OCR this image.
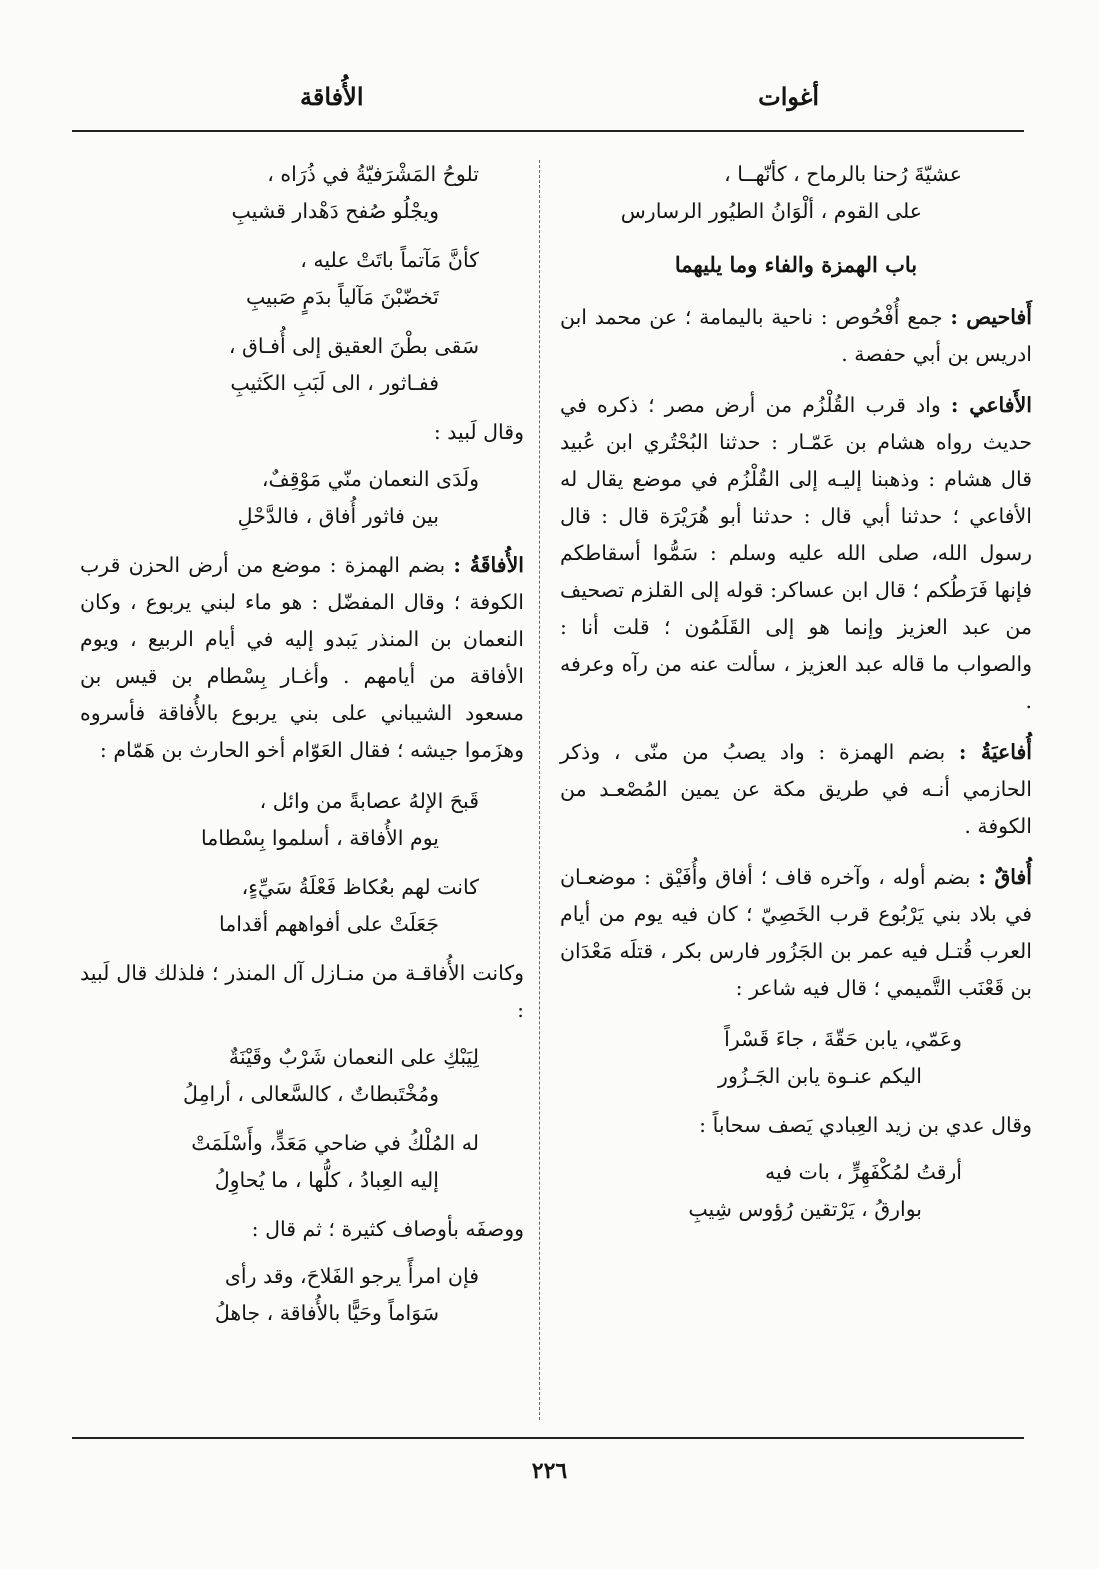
أغوات
الأُفاقة
عشيّةَ رُحنا بالرماح ، كأنّهــا ،
على القوم ، ألْوَانُ الطيُور الرسارس
باب الهمزة والفاء وما يليهما

أَفاحيص : جمع أُفْحُوص : ناحية باليمامة ؛ عن محمد ابن ادريس بن أبي حفصة .

الأَفاعي : واد قرب القُلْزُم من أرض مصر ؛ ذكره في حديث رواه هشام بن عَمّـار : حدثنا البُحْتُري ابن عُبيد قال هشام : وذهبنا إليـه إلى القُلْزُم في موضع يقال له الأفاعي ؛ حدثنا أبي قال : حدثنا أبو هُرَيْرَة قال : قال رسول الله، صلى الله عليه وسلم : سَمُّوا أسقاطكم فإنها فَرَطُكم ؛ قال ابن عساكر: قوله إلى القلزم تصحيف من عبد العزيز وإنما هو إلى القَلَمُون ؛ قلت أنا : والصواب ما قاله عبد العزيز ، سألت عنه من رآه وعرفه .

أُفاعيَةُ : بضم الهمزة : واد يصبُ من منّى ، وذكر الحازمي أنـه في طريق مكة عن يمين المُصْعـد من الكوفة .

أُفاقٌ : بضم أوله ، وآخره قاف ؛ أفاق وأُفَيْق : موضعـان في بلاد بني يَرْبُوع قرب الخَصِيّ ؛ كان فيه يوم من أيام العرب قُتـل فيه عمر بن الجَزُور فارس بكر ، قتلَه مَعْدَان بن قَعْنَب التَّميمي ؛ قال فيه شاعر :

وعَمّي، يابن حَقّةَ ، جاءَ قَسْراً
اليكم عنـوة يابن الجَـزُور

وقال عدي بن زيد العِبادي يَصف سحاباً :

أرقتُ لمُكْفَهِرٍّ ، بات فيه
بوارقُ ، يَرْتقين رُؤوس شِيبِ
تلوحُ المَشْرَفيّةُ في ذُرَاه ،
ويجْلُو صُفح دَهْدار قشيبِ
كأنَّ مَآتماً باتَتْ عليه ،
تَخضّبْنَ مَآلياً بدَمٍ صَبيبِ
سَقى بطْنَ العقيق إلى أُفـاق ،
ففـاثور ، الى لَبَبِ الكَثيبِ

وقال لَبيد :

ولَدَى النعمان منّي مَوْقِفٌ،
بين فاثور أُفاق ، فالدَّحْلِ

الأُفاقَةُ : بضم الهمزة : موضع من أرض الحزن قرب الكوفة ؛ وقال المفضّل : هو ماء لبني يربوع ، وكان النعمان بن المنذر يَبدو إليه في أيام الربيع ، ويوم الأفاقة من أيامهم . وأغـار بِسْطام بن قيس بن مسعود الشيباني على بني يربوع بالأُفاقة فأسروه وهزَموا جيشه ؛ فقال العَوّام أخو الحارث بن هَمّام :

قَبحَ الإلهُ عصابةً من وائل ،
يوم الأُفاقة ، أسلموا بِسْطاما
كانت لهم بعُكاظ فَعْلَةُ سَيِّءٍ،
جَعَلَتْ على أفواههم أقداما

وكانت الأُفاقـة من منـازل آل المنذر ؛ فلذلك قال لَبيد :

لِيَبْكِ على النعمان شَرْبٌ وقَيْنَةٌ
ومُخْتَبطاتٌ ، كالسَّعالى ، أرامِلُ
له المُلْكُ في ضاحي مَعَدٍّ، وأَسْلَمَتْ
إليه العِبادُ ، كلُّها ، ما يُحاوِلُ

ووصفَه بأوصاف كثيرة ؛ ثم قال :

فإن امرأً يرجو الفَلاحَ، وقد رأى
سَوَاماً وحَيًّا بالأُفاقة ، جاهلُ
٢٢٦
